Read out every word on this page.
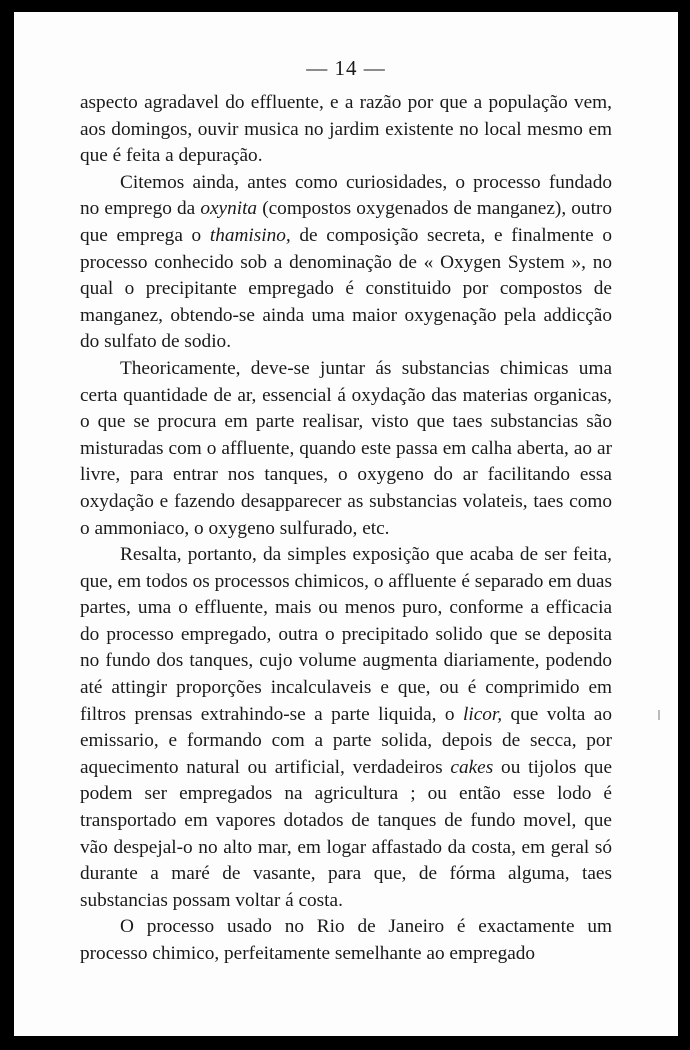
— 14 —

aspecto agradavel do effluente, e a razão por que a população vem, aos domingos, ouvir musica no jardim existente no local mesmo em que é feita a depuração.

Citemos ainda, antes como curiosidades, o processo fundado no emprego da oxynita (compostos oxygenados de manganez), outro que emprega o thamisino, de composição secreta, e finalmente o processo conhecido sob a denominação de « Oxygen System », no qual o precipitante empregado é constituido por compostos de manganez, obtendo-se ainda uma maior oxygenação pela addicção do sulfato de sodio.

Theoricamente, deve-se juntar ás substancias chimicas uma certa quantidade de ar, essencial á oxydação das materias organicas, o que se procura em parte realisar, visto que taes substancias são misturadas com o affluente, quando este passa em calha aberta, ao ar livre, para entrar nos tanques, o oxygeno do ar facilitando essa oxydação e fazendo desapparecer as substancias volateis, taes como o ammoniaco, o oxygeno sulfurado, etc.

Resalta, portanto, da simples exposição que acaba de ser feita, que, em todos os processos chimicos, o affluente é separado em duas partes, uma o effluente, mais ou menos puro, conforme a efficacia do processo empregado, outra o precipitado solido que se deposita no fundo dos tanques, cujo volume augmenta diariamente, podendo até attingir proporções incalculaveis e que, ou é comprimido em filtros prensas extrahindo-se a parte liquida, o licor, que volta ao emissario, e formando com a parte solida, depois de secca, por aquecimento natural ou artificial, verdadeiros cakes ou tijolos que podem ser empregados na agricultura ; ou então esse lodo é transportado em vapores dotados de tanques de fundo movel, que vão despejal-o no alto mar, em logar affastado da costa, em geral só durante a maré de vasante, para que, de fórma alguma, taes substancias possam voltar á costa.

O processo usado no Rio de Janeiro é exactamente um processo chimico, perfeitamente semelhante ao empregado
